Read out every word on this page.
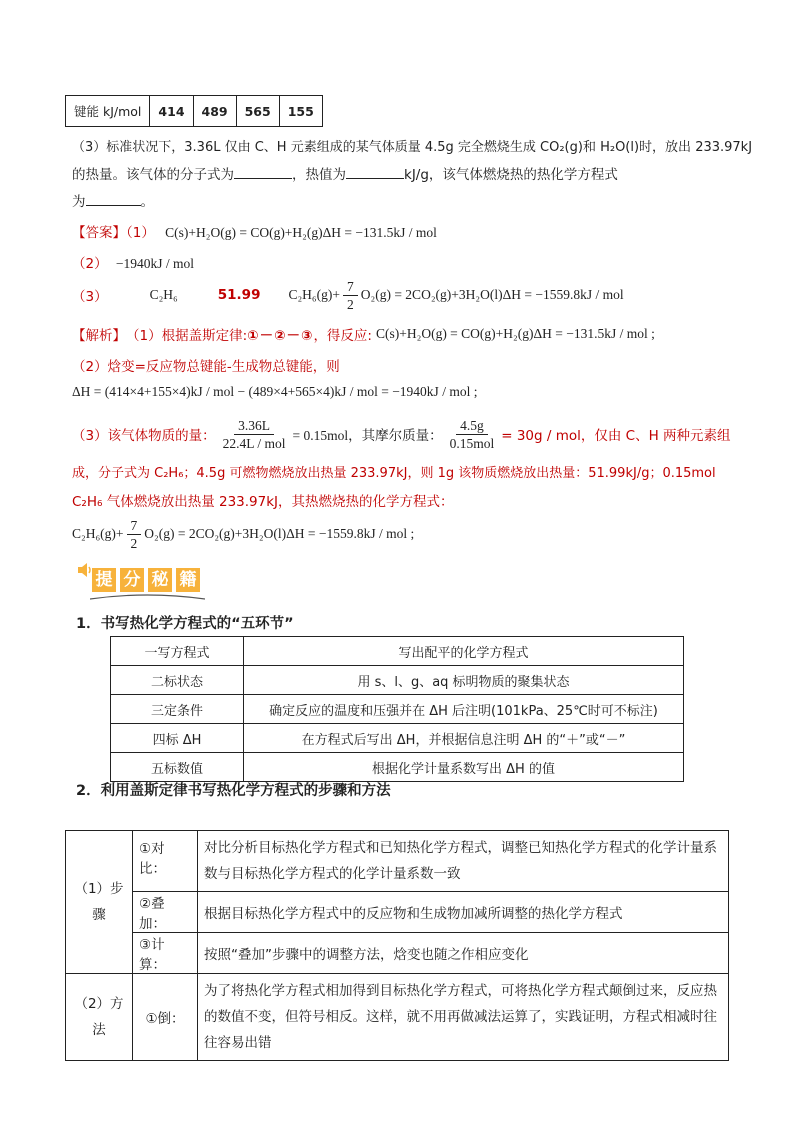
键能 kJ/mol	414	489	565	155
（3）标准状况下，3.36L 仅由 C、H 元素组成的某气体质量 4.5g 完全燃烧生成 CO₂(g)和 H₂O(l)时，放出 233.97kJ
的热量。该气体的分子式为	，热值为	kJ/g，该气体燃烧热的热化学方程式
为	。
【答案】（1） C(s)+H₂O(g) = CO(g)+H₂(g)ΔH = −131.5kJ / mol
（2） −1940kJ / mol
（3）	C₂H₆	51.99 $C_2H_6(g)+ \frac{7}{2} O_2(g) = 2CO_2(g)+3H_2O(l)\Delta H = -1559.8kJ$ / mol
【解析】 （1）根据盖斯定律: ①－②－③ ，得反应: C(s)+H₂O(g) = CO(g)+H₂(g)ΔH = −131.5kJ / mol ;
（2）焓变=反应物总键能-生成物总键能，则
ΔH = (414×4+155×4)kJ / mol − (489×4+565×4)kJ / mol = −1940kJ / mol ;
（3）该气体物质的量： $\frac{3.36L}{\text{22.4L / mol}} = 0.15mol$，其摩尔质量： $\frac{4.5g}{\text{0.15mol}} = 30g$ / mol，仅由 C、H 两种元素组
成，分子式为 C₂H₆；4.5g 可燃物燃烧放出热量 233.97kJ，则 1g 该物质燃烧放出热量：51.99kJ/g；0.15mol
C₂H₆ 气体燃烧放出热量 233.97kJ，其热燃烧热的化学方程式：
$C_2H_6(g)+ \frac{7}{2} O_2(g) = 2CO_2(g)+3H_2O(l)\Delta H = -1559.8kJ$ / mol ;
提 分 秘 籍
1．书写热化学方程式的“五环节”
一写方程式	写出配平的化学方程式
二标状态	用 s、l、g、aq 标明物质的聚集状态
三定条件	确定反应的温度和压强并在 ΔH 后注明(101kPa、25℃时可不标注)
四标 ΔH	在方程式后写出 ΔH，并根据信息注明 ΔH 的“＋”或“－”
五标数值	根据化学计量系数写出 ΔH 的值
2．利用盖斯定律书写热化学方程式的步骤和方法
（1）步骤	①对比：	对比分析目标热化学方程式和已知热化学方程式，调整已知热化学方程式的化学计量系数与目标热化学方程式的化学计量系数一致
	②叠加：	根据目标热化学方程式中的反应物和生成物加减所调整的热化学方程式
	③计算：	按照“叠加”步骤中的调整方法，焓变也随之作相应变化
（2）方法	①倒：	为了将热化学方程式相加得到目标热化学方程式，可将热化学方程式颠倒过来，反应热的数值不变，但符号相反。这样，就不用再做减法运算了，实践证明，方程式相减时往往容易出错
